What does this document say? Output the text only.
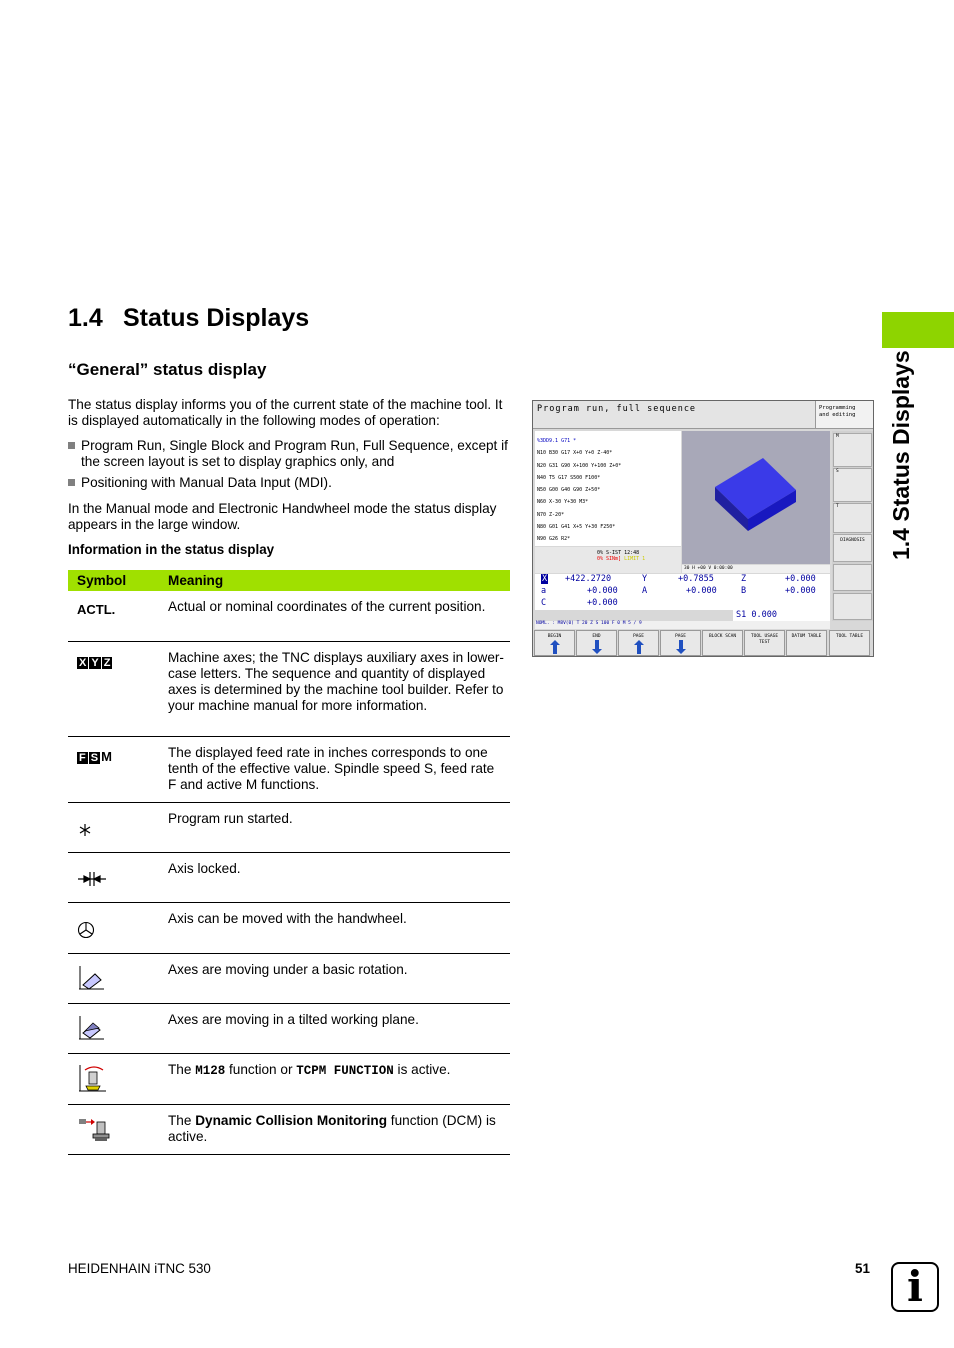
1.4 Status Displays
“General” status display
The status display informs you of the current state of the machine tool. It is displayed automatically in the following modes of operation:
Program Run, Single Block and Program Run, Full Sequence, except if the screen layout is set to display graphics only, and
Positioning with Manual Data Input (MDI).
In the Manual mode and Electronic Handwheel mode the status display appears in the large window.
Information in the status display
Symbol	Meaning

ACTL.	Actual or nominal coordinates of the current position.

X Y Z	Machine axes; the TNC displays auxiliary axes in lower-case letters. The sequence and quantity of displayed axes is determined by the machine tool builder. Refer to your machine manual for more information.

F S M	The displayed feed rate in inches corresponds to one tenth of the effective value. Spindle speed S, feed rate F and active M functions.

	Program run started.

	Axis locked.

	Axis can be moved with the handwheel.

	Axes are moving under a basic rotation.

	Axes are moving in a tilted working plane.

	The M128 function or TCPM FUNCTION is active.

	The Dynamic Collision Monitoring function (DCM) is active.
1.4 Status Displays
Program run, full sequence	Programming
and editing
%3DD9.1 G71 *
N10 B30 G17 X+0 Y+0 Z-40*
N20 G31 G90 X+100 Y+100 Z+0*
N40 T5 G17 S500 F100*
N50 G00 G40 G90 Z+50*
N60 X-30 Y+30 M3*
N70 Z-20*
N80 G01 G41 X+5 Y+30 F250*
N90 G26 R2*
0% S-IST 12:48
0% SINm] LIMIT 1
30 H +00 V 0:00:00
M
S
T
DIAGNOSIS
X +422.2720	Y	+0.7855	Z	+0.000
a	+0.000	A	+0.000	B	+0.000
C	+0.000
S1 0.000
NOML. : M8V(0) T 20 Z S 100 F 0 M 5 / 9
BEGIN	END	PAGE	PAGE	BLOCK SCAN	TOOL USAGE TEST
DATUM TABLE	TOOL TABLE
HEIDENHAIN iTNC 530	51 i
